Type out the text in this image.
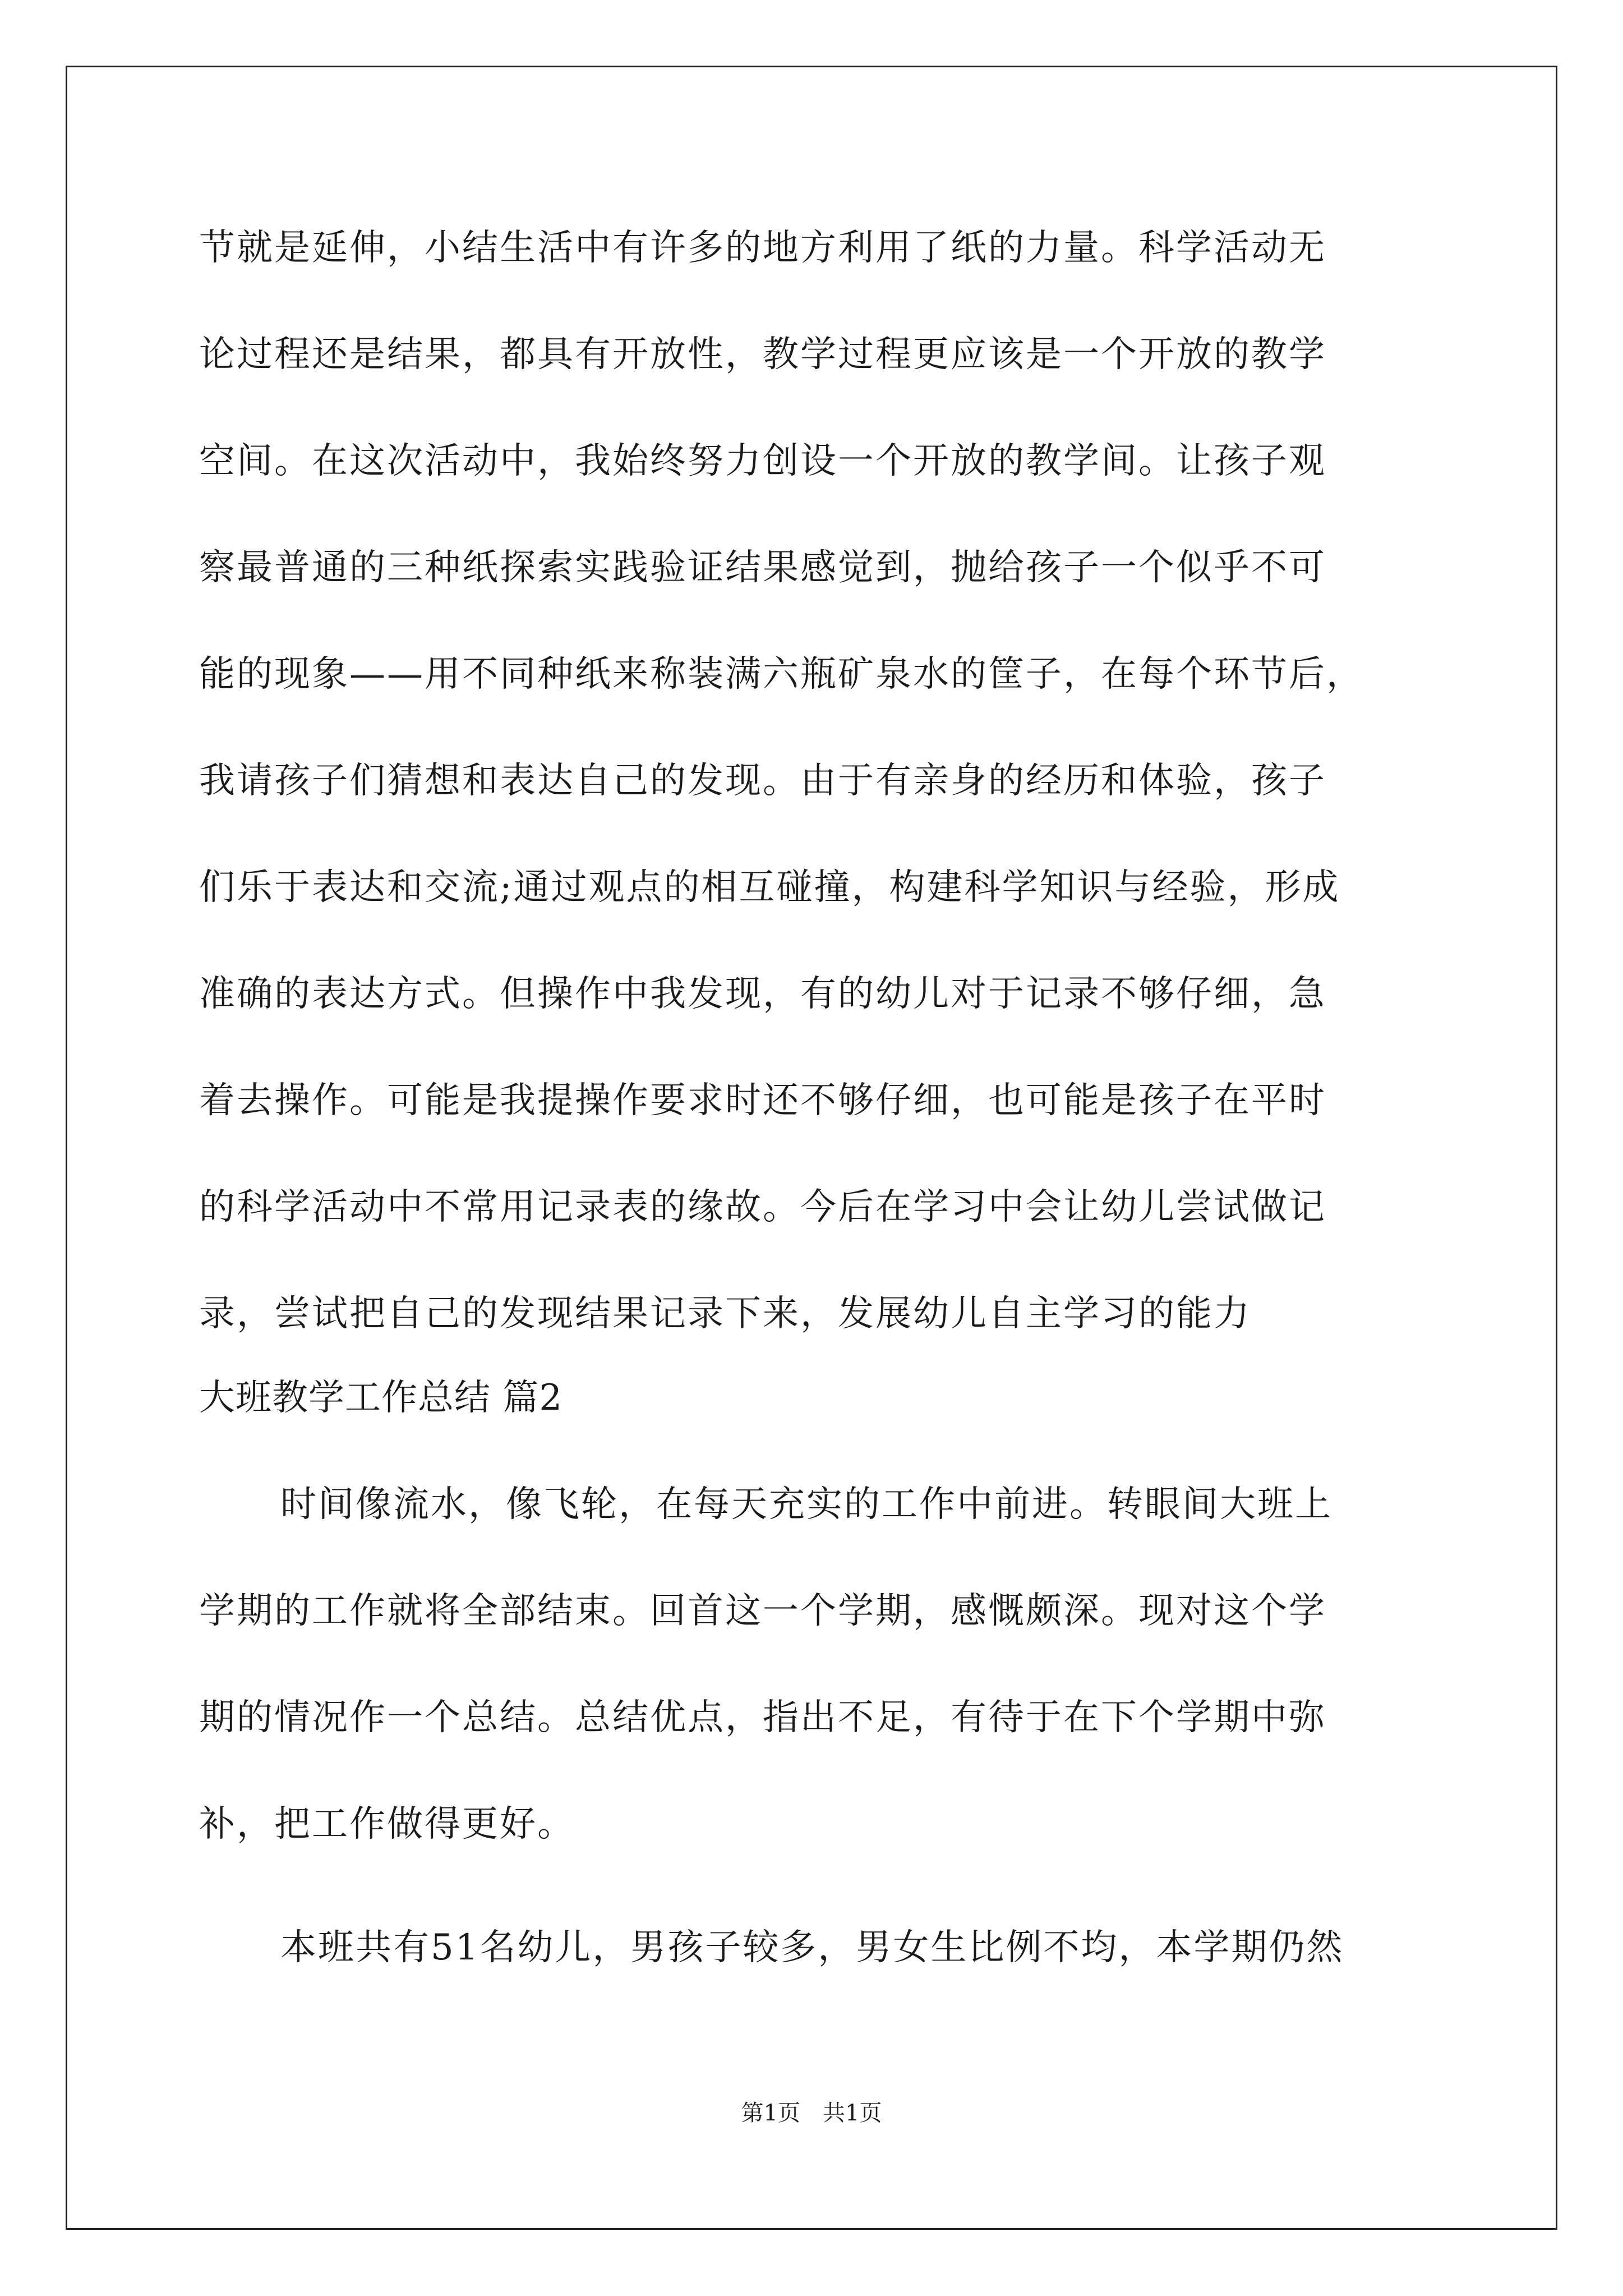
节就是延伸，小结生活中有许多的地方利用了纸的力量。科学活动无
论过程还是结果，都具有开放性，教学过程更应该是一个开放的教学
空间。在这次活动中，我始终努力创设一个开放的教学间。让孩子观
察最普通的三种纸探索实践验证结果感觉到，抛给孩子一个似乎不可
能的现象——用不同种纸来称装满六瓶矿泉水的筐子，在每个环节后，
我请孩子们猜想和表达自己的发现。由于有亲身的经历和体验，孩子
们乐于表达和交流;通过观点的相互碰撞，构建科学知识与经验，形成
准确的表达方式。但操作中我发现，有的幼儿对于记录不够仔细，急
着去操作。可能是我提操作要求时还不够仔细，也可能是孩子在平时
的科学活动中不常用记录表的缘故。今后在学习中会让幼儿尝试做记
录，尝试把自己的发现结果记录下来，发展幼儿自主学习的能力
大班教学工作总结 篇2
时间像流水，像飞轮，在每天充实的工作中前进。转眼间大班上
学期的工作就将全部结束。回首这一个学期，感慨颇深。现对这个学
期的情况作一个总结。总结优点，指出不足，有待于在下个学期中弥
补，把工作做得更好。
本班共有51名幼儿，男孩子较多，男女生比例不均，本学期仍然
第1页　共1页
